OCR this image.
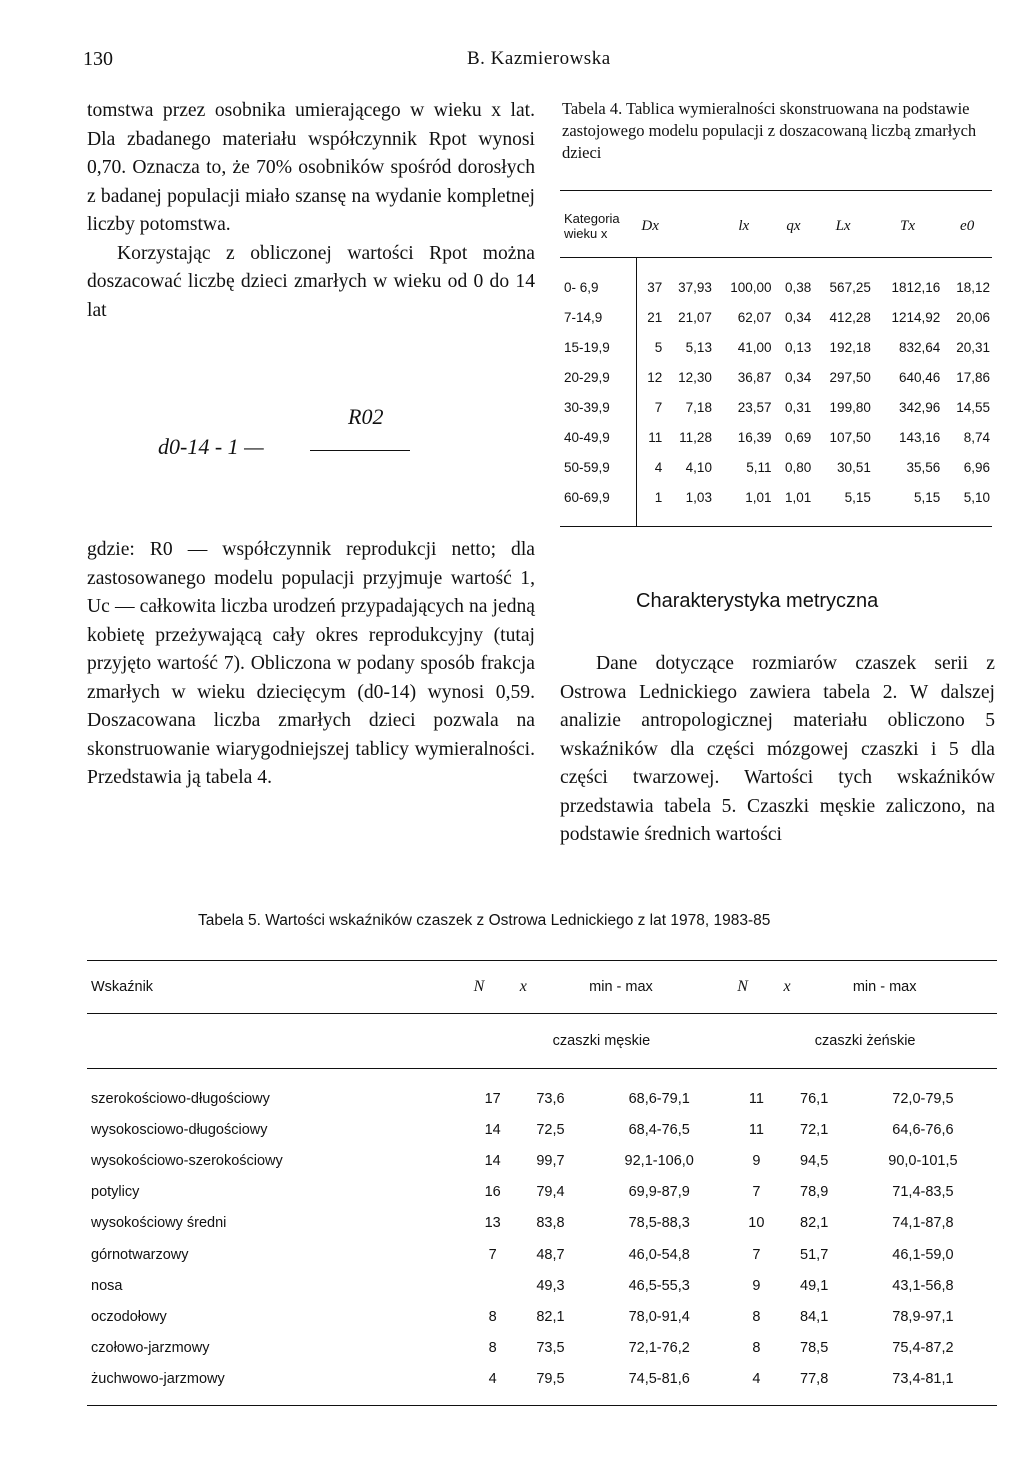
130	B. Kazmierowska

tomstwa przez osobnika umierającego w wieku x lat. Dla zbadanego materiału współczynnik Rpot wynosi 0,70. Oznacza to, że 70% osobników spośród dorosłych z badanej populacji miało szansę na wydanie kompletnej liczby potomstwa.

Korzystając z obliczonej wartości Rpot można doszacować liczbę dzieci zmarłych w wieku od 0 do 14 lat

d0-14 - 1 —
R02

gdzie: R0 — współczynnik reprodukcji netto; dla zastosowanego modelu populacji przyjmuje wartość 1, Uc — całkowita liczba urodzeń przypadających na jedną kobietę przeżywającą cały okres reprodukcyjny (tutaj przyjęto wartość 7). Obliczona w podany sposób frakcja zmarłych w wieku dziecięcym (d0-14) wynosi 0,59. Doszacowana liczba zmarłych dzieci pozwala na skonstruowanie wiarygodniejszej tablicy wymieralności. Przedstawia ją tabela 4.

Tabela 4. Tablica wymieralności skonstruowana na podstawie zastojowego modelu populacji z doszacowaną liczbą zmarłych dzieci
Kategoria wieku x	Dx		lx	qx	Lx	Tx	e0
0- 6,9	37	37,93	100,00	0,38	567,25	1812,16	18,12
7-14,9	21	21,07	62,07	0,34	412,28	1214,92	20,06
15-19,9	5	5,13	41,00	0,13	192,18	832,64	20,31
20-29,9	12	12,30	36,87	0,34	297,50	640,46	17,86
30-39,9	7	7,18	23,57	0,31	199,80	342,96	14,55
40-49,9	11	11,28	16,39	0,69	107,50	143,16	8,74
50-59,9	4	4,10	5,11	0,80	30,51	35,56	6,96
60-69,9	1	1,03	1,01	1,01	5,15	5,15	5,10
Charakterystyka metryczna

Dane dotyczące rozmiarów czaszek serii z Ostrowa Lednickiego zawiera tabela 2. W dalszej analizie antropologicznej materiału obliczono 5 wskaźników dla części mózgowej czaszki i 5 dla części twarzowej. Wartości tych wskaźników przedstawia tabela 5. Czaszki męskie zaliczono, na podstawie średnich wartości

Tabela 5. Wartości wskaźników czaszek z Ostrowa Lednickiego z lat 1978, 1983-85
Wskaźnik	N	x	min - max	N	x	min - max
	czaszki męskie			czaszki żeńskie		
szerokościowo-długościowy	17	73,6	68,6-79,1	11	76,1	72,0-79,5
wysokosciowo-długościowy	14	72,5	68,4-76,5	11	72,1	64,6-76,6
wysokościowo-szerokościowy	14	99,7	92,1-106,0	9	94,5	90,0-101,5
potylicy	16	79,4	69,9-87,9	7	78,9	71,4-83,5
wysokościowy średni	13	83,8	78,5-88,3	10	82,1	74,1-87,8
górnotwarzowy	7	48,7	46,0-54,8	7	51,7	46,1-59,0
nosa		49,3	46,5-55,3	9	49,1	43,1-56,8
oczodołowy	8	82,1	78,0-91,4	8	84,1	78,9-97,1
czołowo-jarzmowy	8	73,5	72,1-76,2	8	78,5	75,4-87,2
żuchwowo-jarzmowy	4	79,5	74,5-81,6	4	77,8	73,4-81,1
